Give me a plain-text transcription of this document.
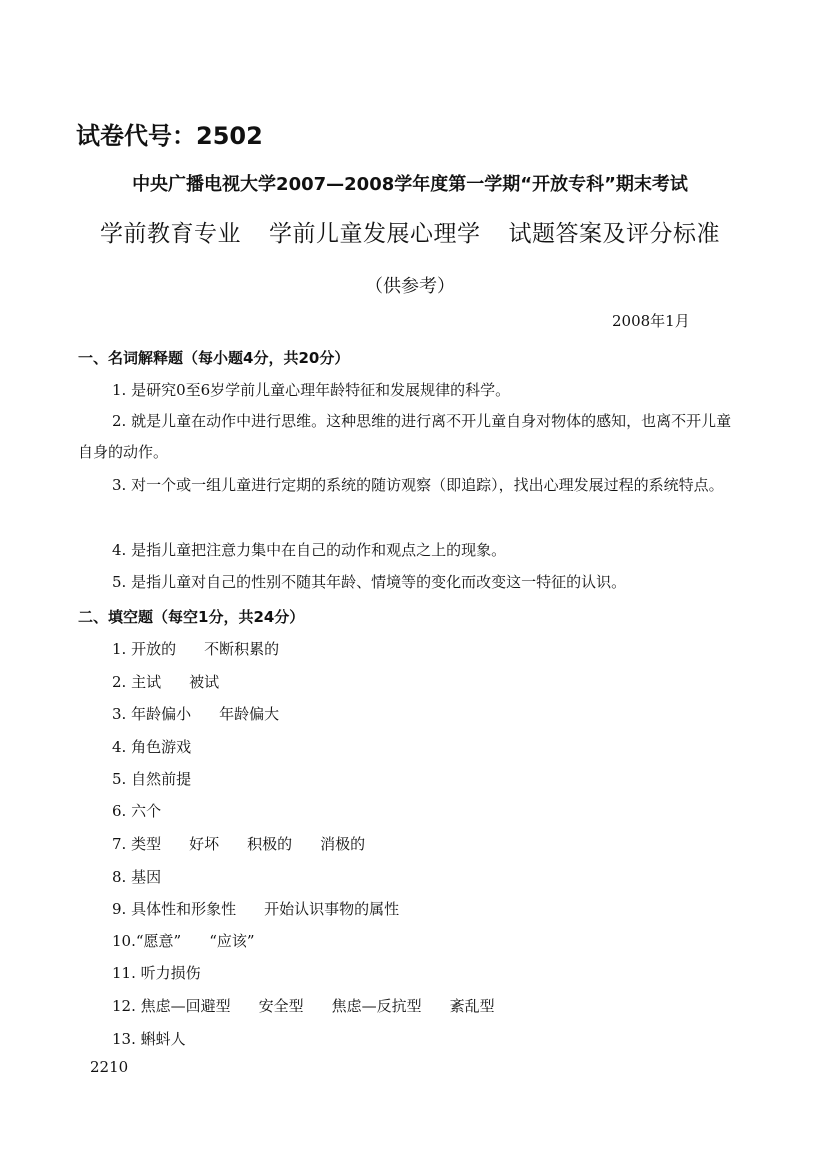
试卷代号：2502
中央广播电视大学2007—2008学年度第一学期“开放专科”期末考试
学前教育专业 学前儿童发展心理学 试题答案及评分标准
（供参考）
2008年1月
一、名词解释题（每小题4分，共20分）
1. 是研究0至6岁学前儿童心理年龄特征和发展规律的科学。
2. 就是儿童在动作中进行思维。这种思维的进行离不开儿童自身对物体的感知，也离不开儿童自身的动作。
3. 对一个或一组儿童进行定期的系统的随访观察（即追踪），找出心理发展过程的系统特点。
4. 是指儿童把注意力集中在自己的动作和观点之上的现象。
5. 是指儿童对自己的性别不随其年龄、情境等的变化而改变这一特征的认识。
二、填空题（每空1分，共24分）
1. 开放的 不断积累的
2. 主试 被试
3. 年龄偏小 年龄偏大
4. 角色游戏
5. 自然前提
6. 六个
7. 类型 好坏 积极的 消极的
8. 基因
9. 具体性和形象性 开始认识事物的属性
10.“愿意” “应该”
11. 听力损伤
12. 焦虑—回避型 安全型 焦虑—反抗型 紊乱型
13. 蝌蚪人
2210
